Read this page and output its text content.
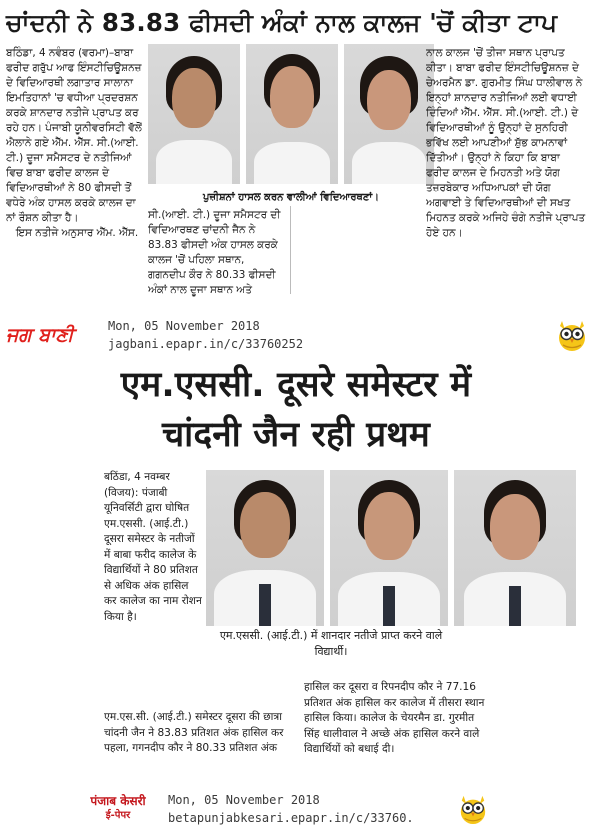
ਚਾਂਦਨੀ ਨੇ 83.83 ਫੀਸਦੀ ਅੰਕਾਂ ਨਾਲ ਕਾਲਜ 'ਚੋਂ ਕੀਤਾ ਟਾਪ

ਬਠਿੰਡਾ, 4 ਨਵੰਬਰ (ਵਰਮਾ)–ਬਾਬਾ ਫਰੀਦ ਗਰੁੱਪ ਆਫ ਇੰਸਟੀਚਿਊਸ਼ਨਜ਼ ਦੇ ਵਿਦਿਆਰਥੀ ਲਗਾਤਾਰ ਸਾਲਾਨਾ ਇਮਤਿਹਾਨਾਂ 'ਚ ਵਧੀਆ ਪ੍ਰਦਰਸ਼ਨ ਕਰਕੇ ਸ਼ਾਨਦਾਰ ਨਤੀਜੇ ਪ੍ਰਾਪਤ ਕਰ ਰਹੇ ਹਨ। ਪੰਜਾਬੀ ਯੂਨੀਵਰਸਿਟੀ ਵੱਲੋਂ ਐਲਾਨੇ ਗਏ ਐੱਮ. ਐੱਸ. ਸੀ.(ਆਈ. ਟੀ.) ਦੂਜਾ ਸਮੈਸਟਰ ਦੇ ਨਤੀਜਿਆਂ ਵਿਚ ਬਾਬਾ ਫਰੀਦ ਕਾਲਜ ਦੇ ਵਿਦਿਆਰਥੀਆਂ ਨੇ 80 ਫੀਸਦੀ ਤੋਂ ਵਧੇਰੇ ਅੰਕ ਹਾਸਲ ਕਰਕੇ ਕਾਲਜ ਦਾ ਨਾਂ ਰੌਸ਼ਨ ਕੀਤਾ ਹੈ।

ਇਸ ਨਤੀਜੇ ਅਨੁਸਾਰ ਐੱਮ. ਐੱਸ.

ਪੁਜ਼ੀਸ਼ਨਾਂ ਹਾਸਲ ਕਰਨ ਵਾਲੀਆਂ ਵਿਦਿਆਰਥਣਾਂ।
ਸੀ.(ਆਈ. ਟੀ.) ਦੂਜਾ ਸਮੈਸਟਰ ਦੀ ਵਿਦਿਆਰਥਣ ਚਾਂਦਨੀ ਜੈਨ ਨੇ 83.83 ਫੀਸਦੀ ਅੰਕ ਹਾਸਲ ਕਰਕੇ ਕਾਲਜ 'ਚੋਂ ਪਹਿਲਾ ਸਥਾਨ, ਗਗਨਦੀਪ ਕੌਰ ਨੇ 80.33 ਫੀਸਦੀ ਅੰਕਾਂ ਨਾਲ ਦੂਜਾ ਸਥਾਨ ਅਤੇ
ਨਾਲ ਕਾਲਜ 'ਚੋਂ ਤੀਜਾ ਸਥਾਨ ਪ੍ਰਾਪਤ ਕੀਤਾ। ਬਾਬਾ ਫਰੀਦ ਇੰਸਟੀਚਿਊਸ਼ਨਜ਼ ਦੇ ਚੇਅਰਮੈਨ ਡਾ. ਗੁਰਮੀਤ ਸਿੰਘ ਧਾਲੀਵਾਲ ਨੇ ਇਨ੍ਹਾਂ ਸ਼ਾਨਦਾਰ ਨਤੀਜਿਆਂ ਲਈ ਵਧਾਈ ਦਿੰਦਿਆਂ ਐੱਮ. ਐੱਸ. ਸੀ.(ਆਈ. ਟੀ.) ਦੇ ਵਿਦਿਆਰਥੀਆਂ ਨੂੰ ਉਨ੍ਹਾਂ ਦੇ ਸੁਨਹਿਰੀ ਭਵਿੱਖ ਲਈ ਆਪਣੀਆਂ ਸ਼ੁੱਭ ਕਾਮਨਾਵਾਂ ਦਿੱਤੀਆਂ। ਉਨ੍ਹਾਂ ਨੇ ਕਿਹਾ ਕਿ ਬਾਬਾ ਫਰੀਦ ਕਾਲਜ ਦੇ ਮਿਹਨਤੀ ਅਤੇ ਯੋਗ ਤਜ਼ਰਬੇਕਾਰ ਅਧਿਆਪਕਾਂ ਦੀ ਯੋਗ ਅਗਵਾਈ ਤੇ ਵਿਦਿਆਰਥੀਆਂ ਦੀ ਸਖਤ ਮਿਹਨਤ ਕਰਕੇ ਅਜਿਹੇ ਚੰਗੇ ਨਤੀਜੇ ਪ੍ਰਾਪਤ ਹੋਏ ਹਨ।
ਜਗ ਬਾਣੀ	Mon, 05 November 2018
jagbani.epapr.in/c/33760252
एम.एससी. दूसरे समेस्टर में
चांदनी जैन रही प्रथम

बठिंडा, 4 नवम्बर (विजय): पंजाबी यूनिवर्सिटी द्वारा घोषित एम.एससी. (आई.टी.) दूसरा समेस्टर के नतीजों में बाबा फरीद कालेज के विद्यार्थियों ने 80 प्रतिशत से अधिक अंक हासिल कर कालेज का नाम रोशन किया है।

एम.एस.सी. (आई.टी.) समेस्टर दूसरा की छात्रा चांदनी जैन ने 83.83 प्रतिशत अंक हासिल कर पहला, गगनदीप कौर ने 80.33 प्रतिशत अंक
एम.एससी. (आई.टी.) में शानदार नतीजे प्राप्त करने वाले विद्यार्थी।
हासिल कर दूसरा व रिपनदीप कौर ने 77.16 प्रतिशत अंक हासिल कर कालेज में तीसरा स्थान हासिल किया। कालेज के चेयरमैन डा. गुरमीत सिंह धालीवाल ने अच्छे अंक हासिल करने वाले विद्यार्थियों को बधाई दी।
पंजाब केसरी
ई-पेपर
Mon, 05 November 2018
betapunjabkesari.epapr.in/c/33760.
